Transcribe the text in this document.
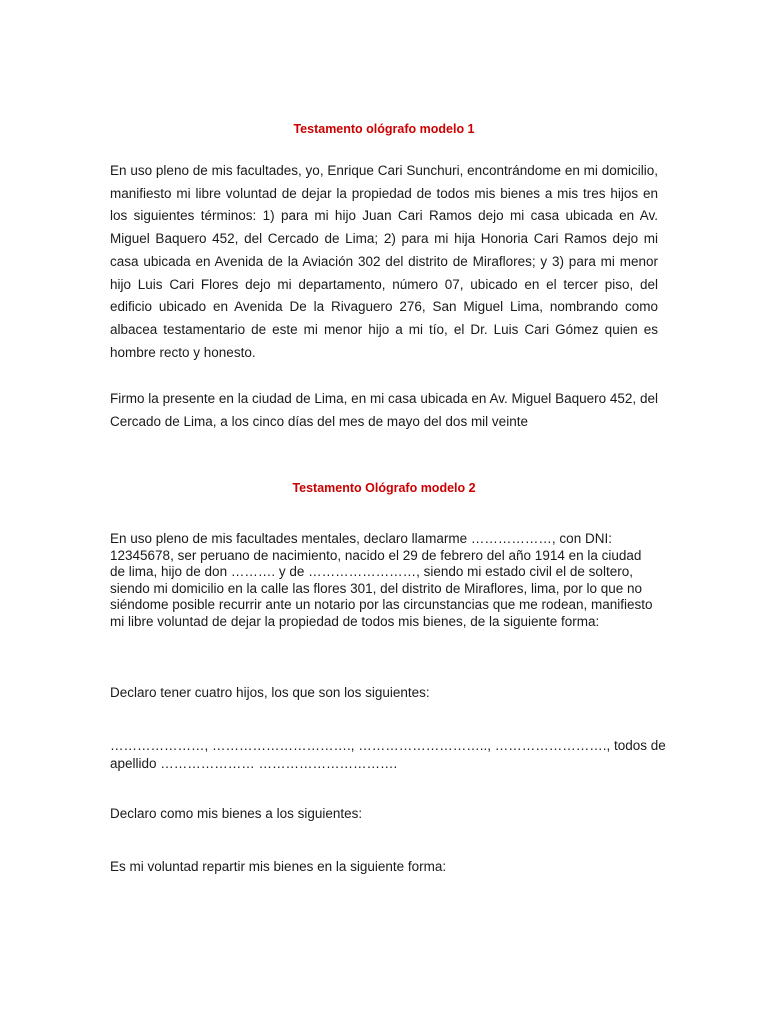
Testamento ológrafo modelo 1

En uso pleno de mis facultades, yo, Enrique Cari Sunchuri, encontrándome en mi domicilio, manifiesto mi libre voluntad de dejar la propiedad de todos mis bienes a mis tres hijos en los siguientes términos: 1) para mi hijo Juan Cari Ramos dejo mi casa ubicada en Av. Miguel Baquero 452, del Cercado de Lima; 2) para mi hija Honoria Cari Ramos dejo mi casa ubicada en Avenida de la Aviación 302 del distrito de Miraflores; y 3) para mi menor hijo Luis Cari Flores dejo mi departamento, número 07, ubicado en el tercer piso, del edificio ubicado en Avenida De la Rivaguero 276, San Miguel Lima, nombrando como albacea testamentario de este mi menor hijo a mi tío, el Dr. Luis Cari Gómez quien es hombre recto y honesto.

Firmo la presente en la ciudad de Lima, en mi casa ubicada en Av. Miguel Baquero 452, del Cercado de Lima, a los cinco días del mes de mayo del dos mil veinte

Testamento Ológrafo modelo 2

En uso pleno de mis facultades mentales, declaro llamarme ………………, con DNI: 12345678, ser peruano de nacimiento, nacido el 29 de febrero del año 1914 en la ciudad de lima, hijo de don ………. y de ……………………, siendo mi estado civil el de soltero, siendo mi domicilio en la calle las flores 301, del distrito de Miraflores, lima, por lo que no siéndome posible recurrir ante un notario por las circunstancias que me rodean, manifiesto mi libre voluntad de dejar la propiedad de todos mis bienes, de la siguiente forma:

Declaro tener cuatro hijos, los que son los siguientes:

…………………, …………………………., ……………………….., ……………………., todos de apellido ………………… ………………………….

Declaro como mis bienes a los siguientes:

Es mi voluntad repartir mis bienes en la siguiente forma:
